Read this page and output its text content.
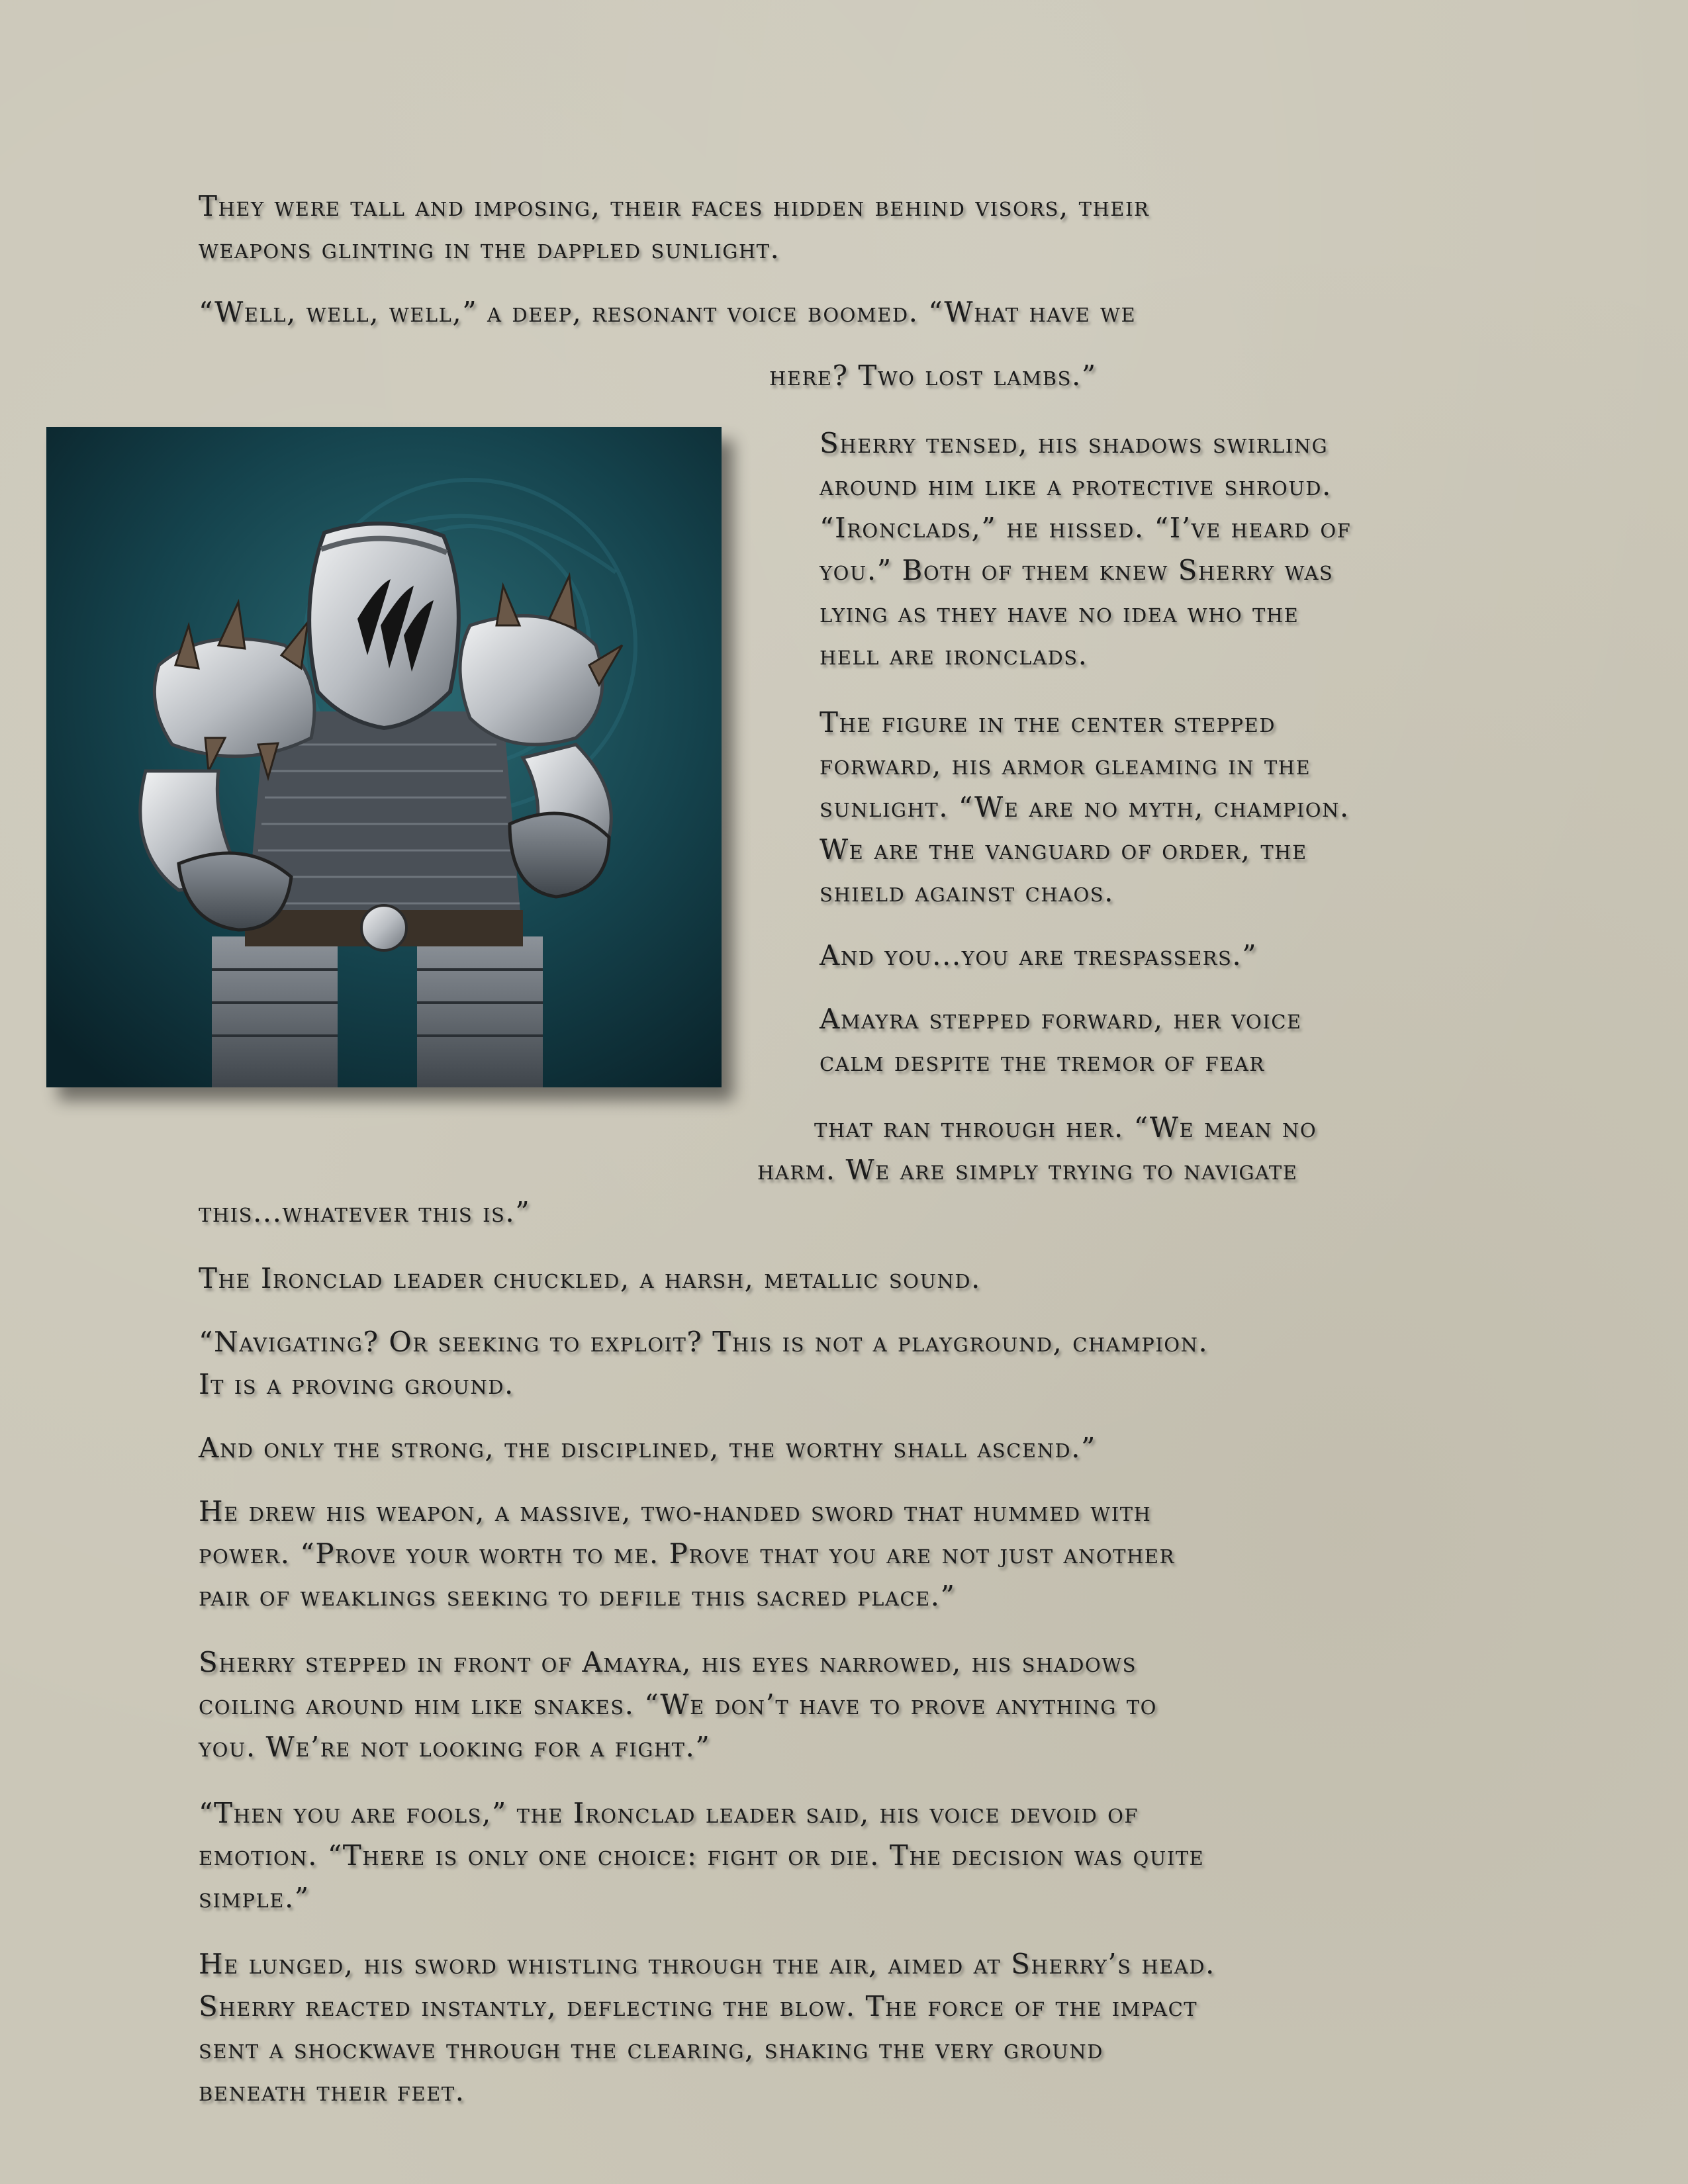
They were tall and imposing, their faces hidden behind visors, their
weapons glinting in the dappled sunlight.

“Well, well, well,” a deep, resonant voice boomed. “What have we

here? Two lost lambs.”

Sherry tensed, his shadows swirling
around him like a protective shroud.
“Ironclads,” he hissed. “I’ve heard of
you.” Both of them knew Sherry was
lying as they have no idea who the
hell are ironclads.

The figure in the center stepped
forward, his armor gleaming in the
sunlight. “We are no myth, champion.
We are the vanguard of order, the
shield against chaos.

And you...you are trespassers.”

Amayra stepped forward, her voice
calm despite the tremor of fear

that ran through her. “We mean no
harm. We are simply trying to navigate
this...whatever this is.”

The Ironclad leader chuckled, a harsh, metallic sound.

“Navigating? Or seeking to exploit? This is not a playground, champion.
It is a proving ground.

And only the strong, the disciplined, the worthy shall ascend.”

He drew his weapon, a massive, two-handed sword that hummed with
power. “Prove your worth to me. Prove that you are not just another
pair of weaklings seeking to defile this sacred place.”

Sherry stepped in front of Amayra, his eyes narrowed, his shadows
coiling around him like snakes. “We don’t have to prove anything to
you. We’re not looking for a fight.”

“Then you are fools,” the Ironclad leader said, his voice devoid of
emotion. “There is only one choice: fight or die. The decision was quite
simple.”

He lunged, his sword whistling through the air, aimed at Sherry’s head.
Sherry reacted instantly, deflecting the blow. The force of the impact
sent a shockwave through the clearing, shaking the very ground
beneath their feet.
